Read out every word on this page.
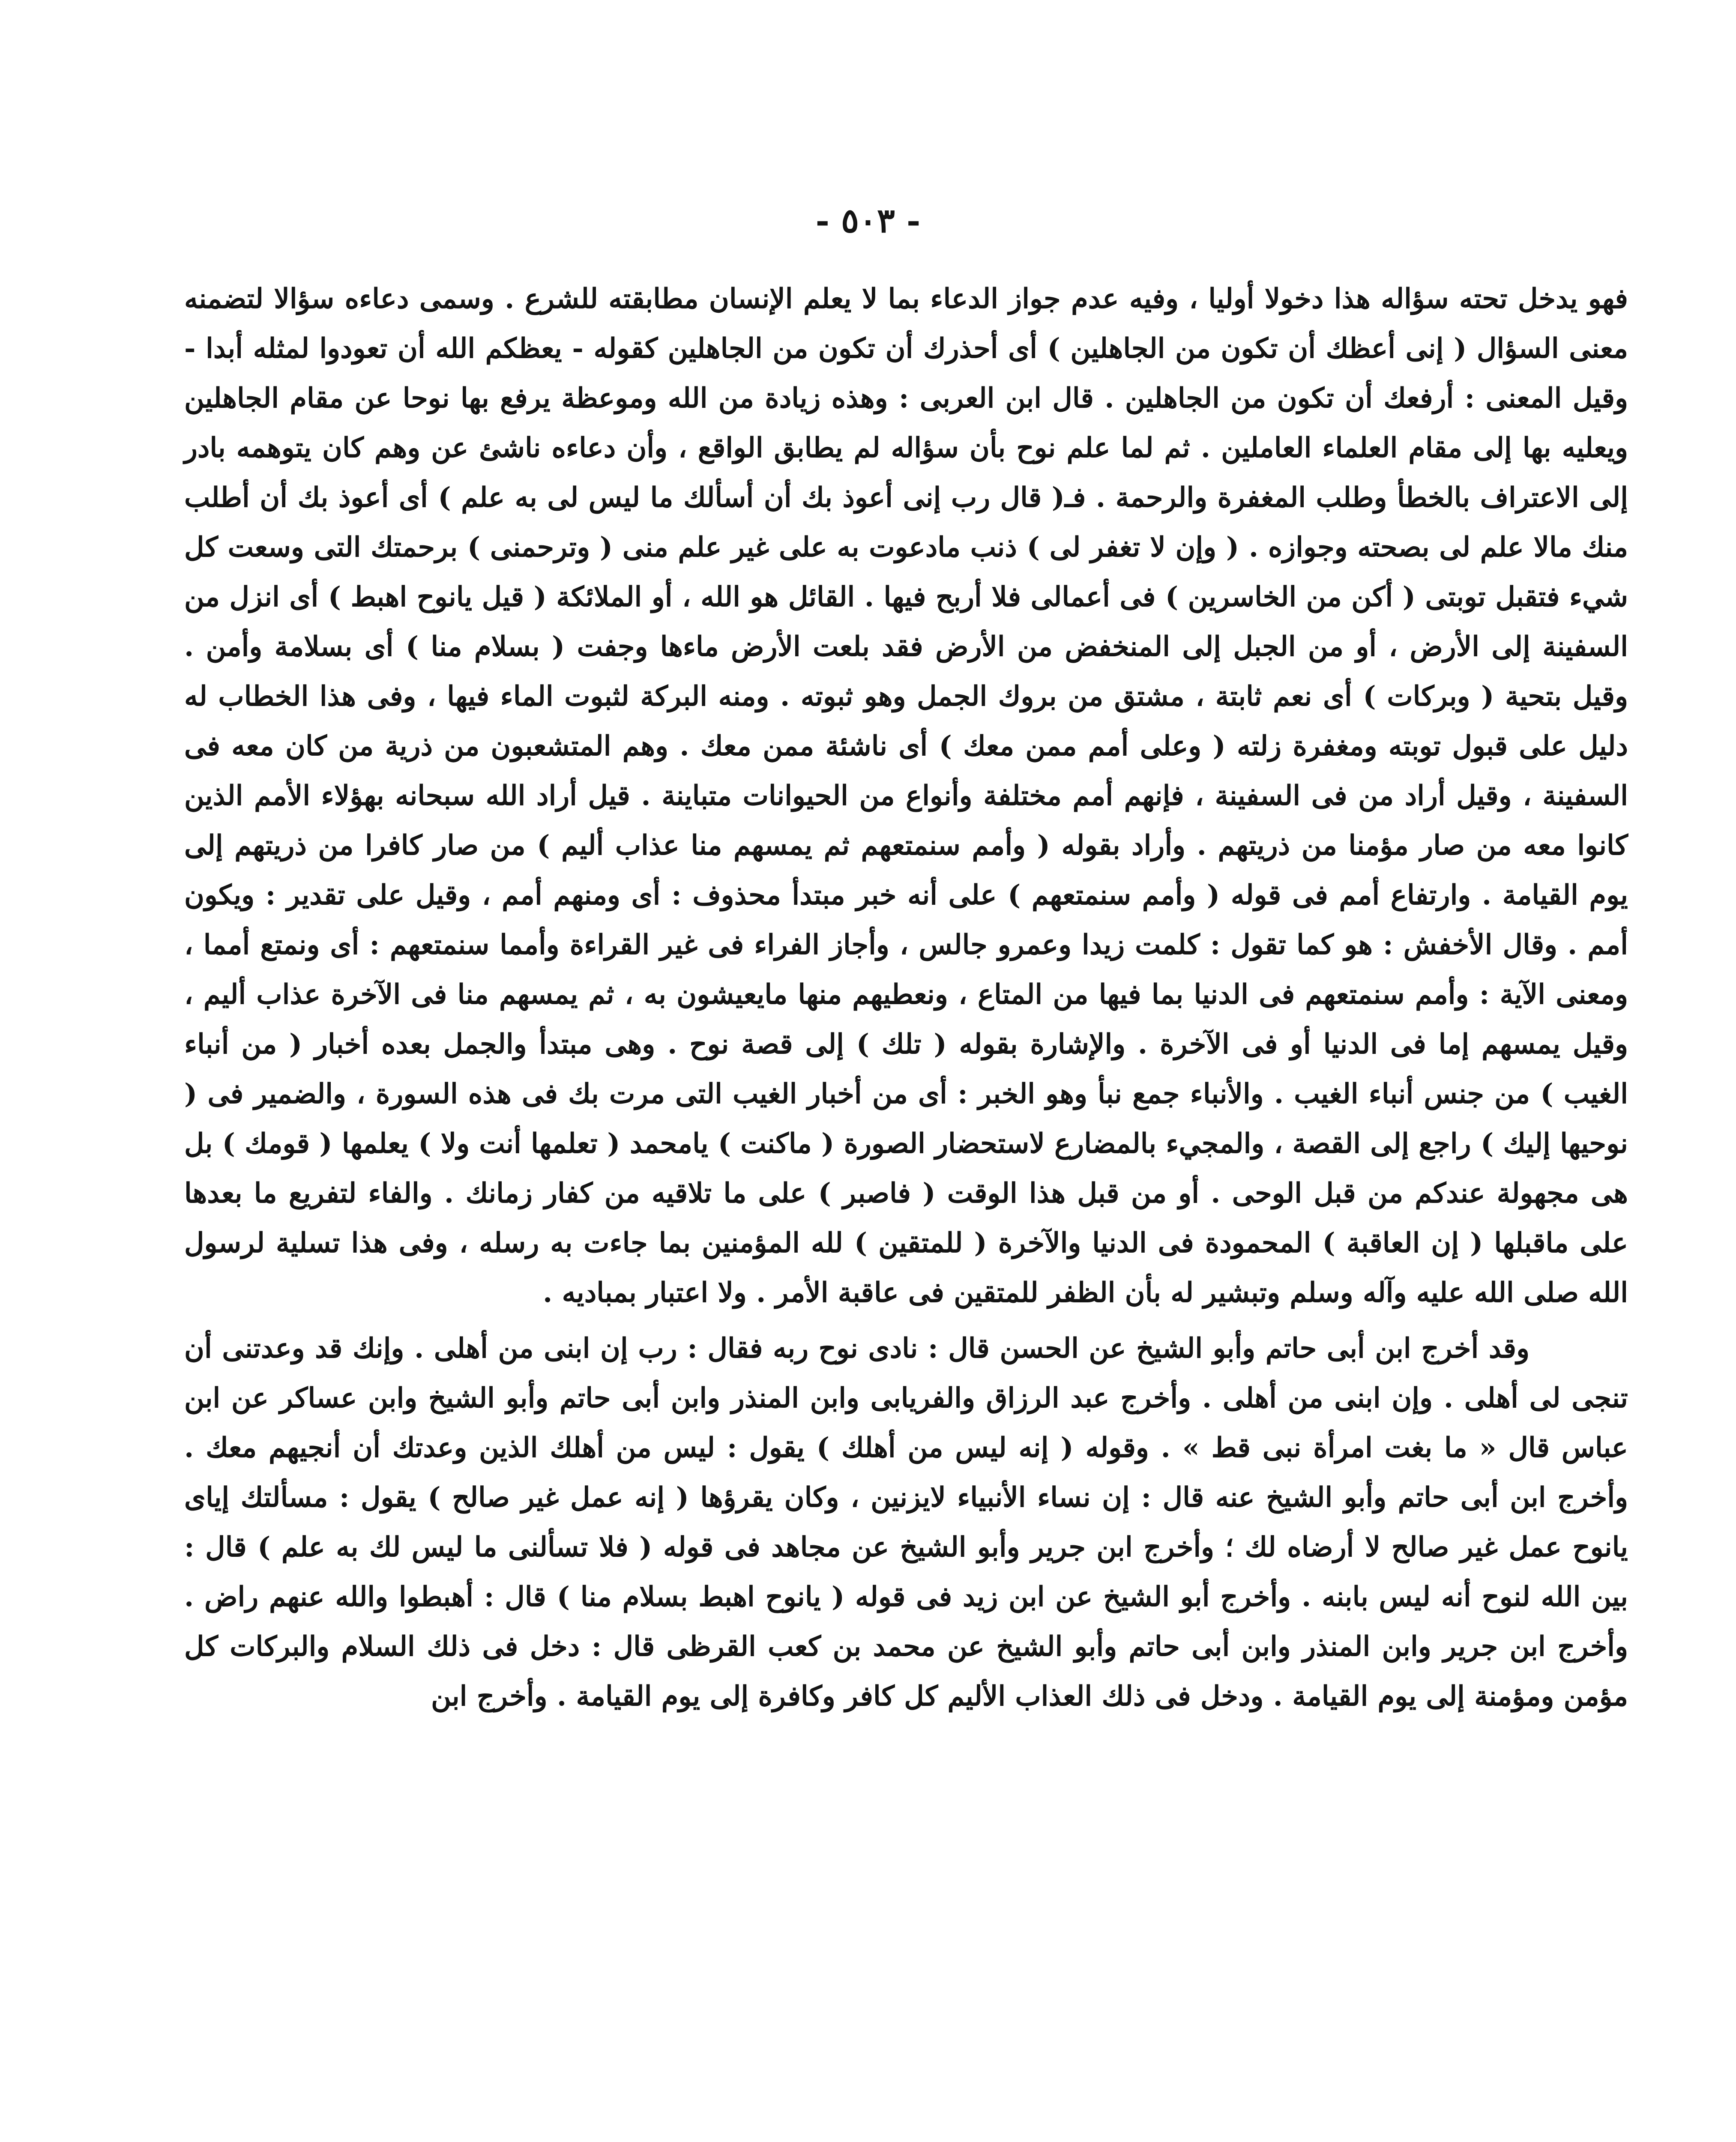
- ٥٠٣ -

فهو يدخل تحته سؤاله هذا دخولا أوليا ، وفيه عدم جواز الدعاء بما لا يعلم الإنسان مطابقته للشرع . وسمى دعاءه سؤالا لتضمنه معنى السؤال ( إنى أعظك أن تكون من الجاهلين ) أى أحذرك أن تكون من الجاهلين كقوله - يعظكم الله أن تعودوا لمثله أبدا - وقيل المعنى : أرفعك أن تكون من الجاهلين . قال ابن العربى : وهذه زيادة من الله وموعظة يرفع بها نوحا عن مقام الجاهلين ويعليه بها إلى مقام العلماء العاملين . ثم لما علم نوح بأن سؤاله لم يطابق الواقع ، وأن دعاءه ناشئ عن وهم كان يتوهمه بادر إلى الاعتراف بالخطأ وطلب المغفرة والرحمة . فـ( قال رب إنى أعوذ بك أن أسألك ما ليس لى به علم ) أى أعوذ بك أن أطلب منك مالا علم لى بصحته وجوازه . ( وإن لا تغفر لى ) ذنب مادعوت به على غير علم منى ( وترحمنى ) برحمتك التى وسعت كل شيء فتقبل توبتى ( أكن من الخاسرين ) فى أعمالى فلا أربح فيها . القائل هو الله ، أو الملائكة ( قيل يانوح اهبط ) أى انزل من السفينة إلى الأرض ، أو من الجبل إلى المنخفض من الأرض فقد بلعت الأرض ماءها وجفت ( بسلام منا ) أى بسلامة وأمن . وقيل بتحية ( وبركات ) أى نعم ثابتة ، مشتق من بروك الجمل وهو ثبوته . ومنه البركة لثبوت الماء فيها ، وفى هذا الخطاب له دليل على قبول توبته ومغفرة زلته ( وعلى أمم ممن معك ) أى ناشئة ممن معك . وهم المتشعبون من ذرية من كان معه فى السفينة ، وقيل أراد من فى السفينة ، فإنهم أمم مختلفة وأنواع من الحيوانات متباينة . قيل أراد الله سبحانه بهؤلاء الأمم الذين كانوا معه من صار مؤمنا من ذريتهم . وأراد بقوله ( وأمم سنمتعهم ثم يمسهم منا عذاب أليم ) من صار كافرا من ذريتهم إلى يوم القيامة . وارتفاع أمم فى قوله ( وأمم سنمتعهم ) على أنه خبر مبتدأ محذوف : أى ومنهم أمم ، وقيل على تقدير : ويكون أمم . وقال الأخفش : هو كما تقول : كلمت زيدا وعمرو جالس ، وأجاز الفراء فى غير القراءة وأمما سنمتعهم : أى ونمتع أمما ، ومعنى الآية : وأمم سنمتعهم فى الدنيا بما فيها من المتاع ، ونعطيهم منها مايعيشون به ، ثم يمسهم منا فى الآخرة عذاب أليم ، وقيل يمسهم إما فى الدنيا أو فى الآخرة . والإشارة بقوله ( تلك ) إلى قصة نوح . وهى مبتدأ والجمل بعده أخبار ( من أنباء الغيب ) من جنس أنباء الغيب . والأنباء جمع نبأ وهو الخبر : أى من أخبار الغيب التى مرت بك فى هذه السورة ، والضمير فى ( نوحيها إليك ) راجع إلى القصة ، والمجيء بالمضارع لاستحضار الصورة ( ماكنت ) يامحمد ( تعلمها أنت ولا ) يعلمها ( قومك ) بل هى مجهولة عندكم من قبل الوحى . أو من قبل هذا الوقت ( فاصبر ) على ما تلاقيه من كفار زمانك . والفاء لتفريع ما بعدها على ماقبلها ( إن العاقبة ) المحمودة فى الدنيا والآخرة ( للمتقين ) لله المؤمنين بما جاءت به رسله ، وفى هذا تسلية لرسول الله صلى الله عليه وآله وسلم وتبشير له بأن الظفر للمتقين فى عاقبة الأمر . ولا اعتبار بمباديه .

وقد أخرج ابن أبى حاتم وأبو الشيخ عن الحسن قال : نادى نوح ربه فقال : رب إن ابنى من أهلى . وإنك قد وعدتنى أن تنجى لى أهلى . وإن ابنى من أهلى . وأخرج عبد الرزاق والفريابى وابن المنذر وابن أبى حاتم وأبو الشيخ وابن عساكر عن ابن عباس قال « ما بغت امرأة نبى قط » . وقوله ( إنه ليس من أهلك ) يقول : ليس من أهلك الذين وعدتك أن أنجيهم معك . وأخرج ابن أبى حاتم وأبو الشيخ عنه قال : إن نساء الأنبياء لايزنين ، وكان يقرؤها ( إنه عمل غير صالح ) يقول : مسألتك إياى يانوح عمل غير صالح لا أرضاه لك ؛ وأخرج ابن جرير وأبو الشيخ عن مجاهد فى قوله ( فلا تسألنى ما ليس لك به علم ) قال : بين الله لنوح أنه ليس بابنه . وأخرج أبو الشيخ عن ابن زيد فى قوله ( يانوح اهبط بسلام منا ) قال : أهبطوا والله عنهم راض . وأخرج ابن جرير وابن المنذر وابن أبى حاتم وأبو الشيخ عن محمد بن كعب القرظى قال : دخل فى ذلك السلام والبركات كل مؤمن ومؤمنة إلى يوم القيامة . ودخل فى ذلك العذاب الأليم كل كافر وكافرة إلى يوم القيامة . وأخرج ابن
